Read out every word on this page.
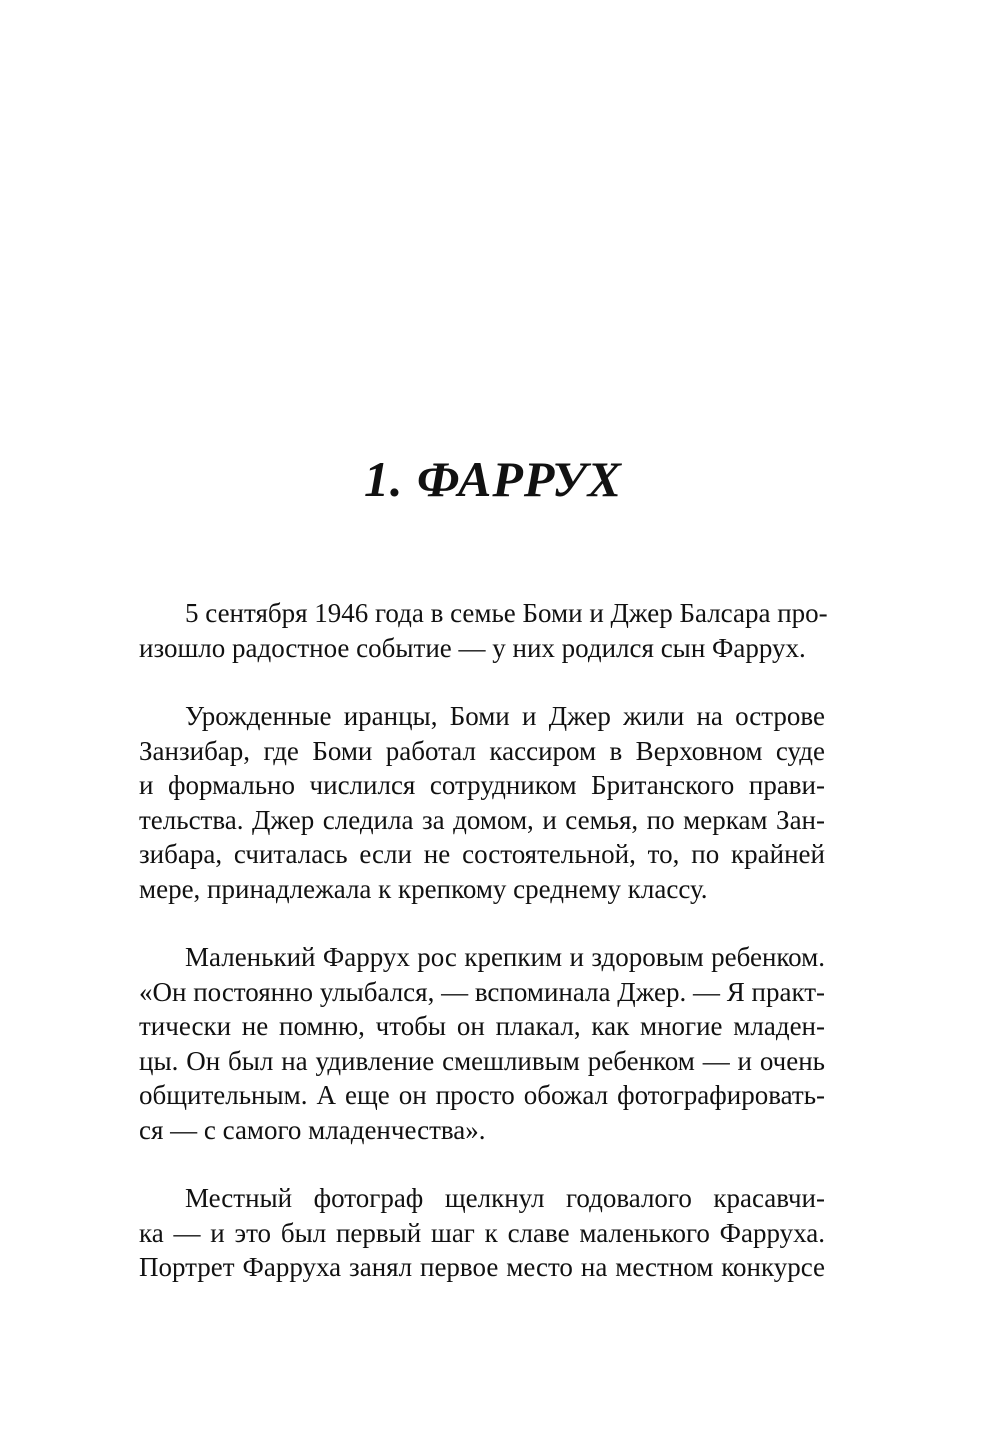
1. ФАРРУХ

5 сентября 1946 года в семье Боми и Джер Балсара про-
изошло радостное событие — у них родился сын Фаррух.

Урожденные иранцы, Боми и Джер жили на острове
Занзибар, где Боми работал кассиром в Верховном суде
и формально числился сотрудником Британского прави-
тельства. Джер следила за домом, и семья, по меркам Зан-
зибара, считалась если не состоятельной, то, по крайней
мере, принадлежала к крепкому среднему классу.

Маленький Фаррух рос крепким и здоровым ребенком.
«Он постоянно улыбался, — вспоминала Джер. — Я практ-
тически не помню, чтобы он плакал, как многие младен-
цы. Он был на удивление смешливым ребенком — и очень
общительным. А еще он просто обожал фотографировать-
ся — с самого младенчества».

Местный фотограф щелкнул годовалого красавчи-
ка — и это был первый шаг к славе маленького Фарруха.
Портрет Фарруха занял первое место на местном конкурсе
